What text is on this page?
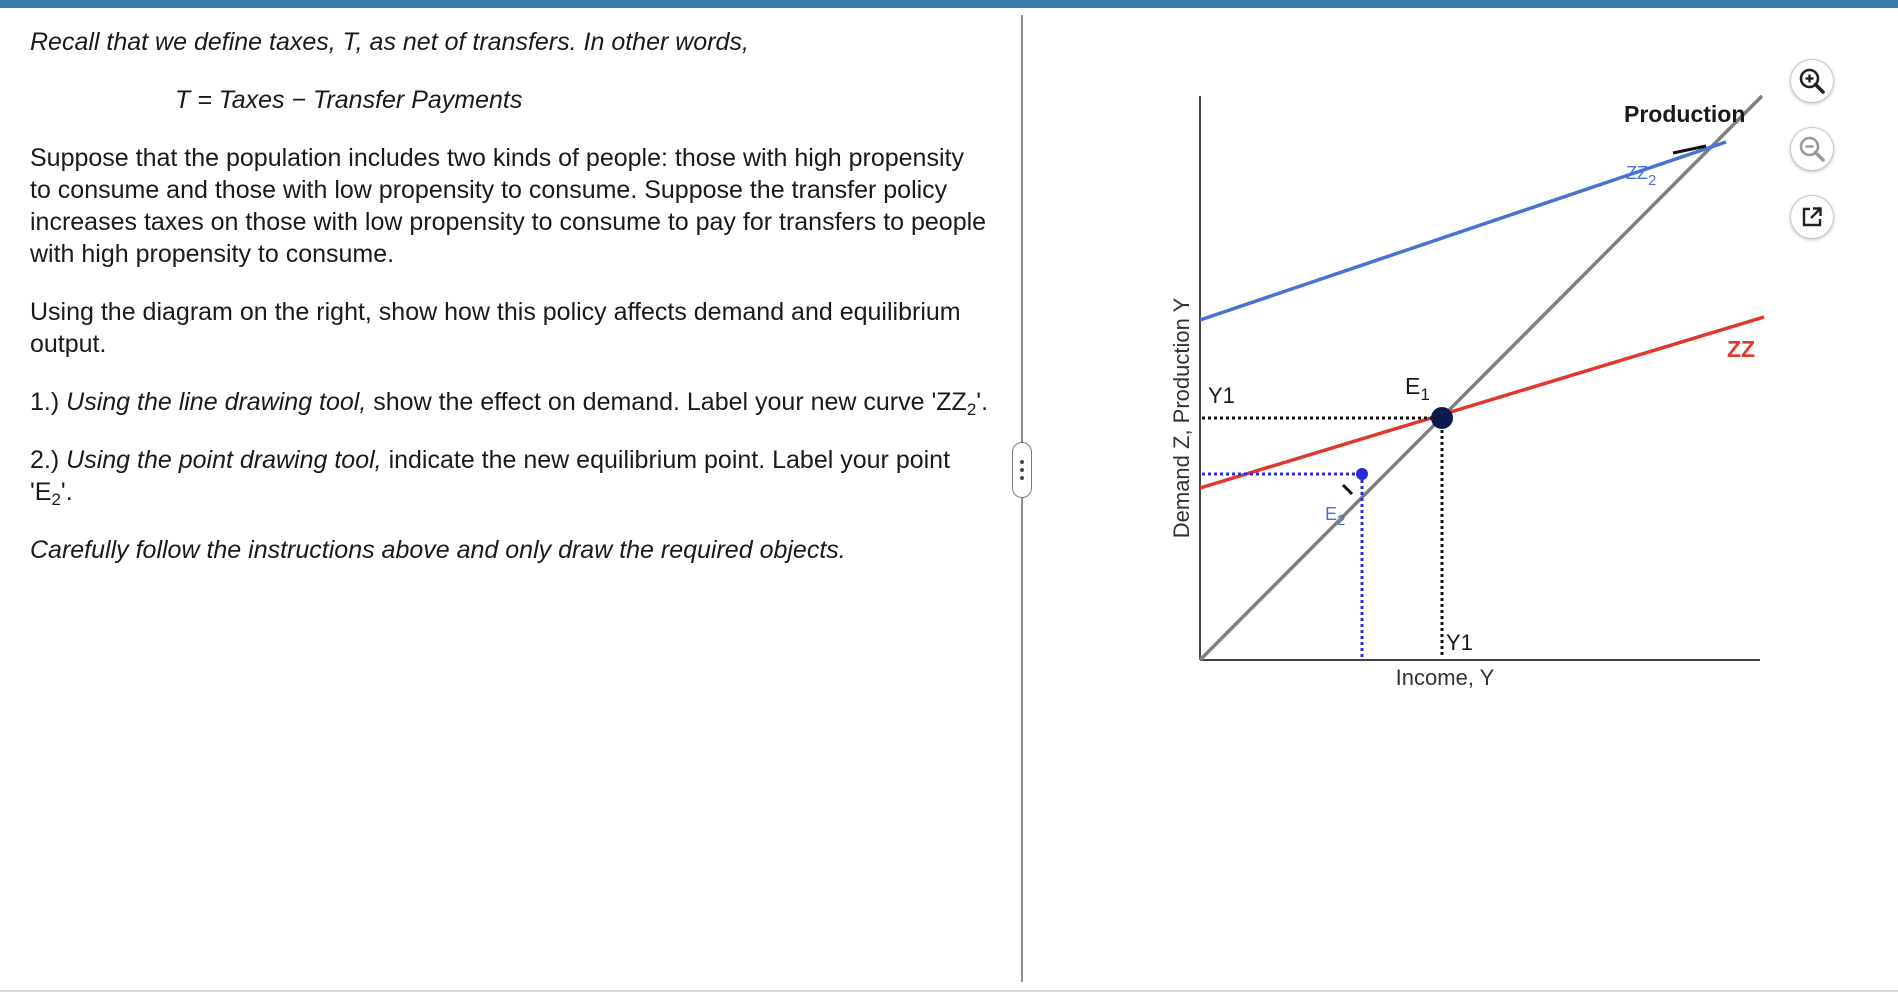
Recall that we define taxes, T, as net of transfers. In other words,

T = Taxes − Transfer Payments

Suppose that the population includes two kinds of people: those with high propensity to consume and those with low propensity to consume. Suppose the transfer policy increases taxes on those with low propensity to consume to pay for transfers to people with high propensity to consume.

Using the diagram on the right, show how this policy affects demand and equilibrium output.

1.) Using the line drawing tool, show the effect on demand. Label your new curve '$ZZ_2$'.

2.) Using the point drawing tool, indicate the new equilibrium point. Label your point '$E_2$'.

Carefully follow the instructions above and only draw the required objects.

Production
ZZ
$ZZ_2$
Y1
Y1
$E_1$
$E_2$
Income, Y
Demand Z, Production Y
